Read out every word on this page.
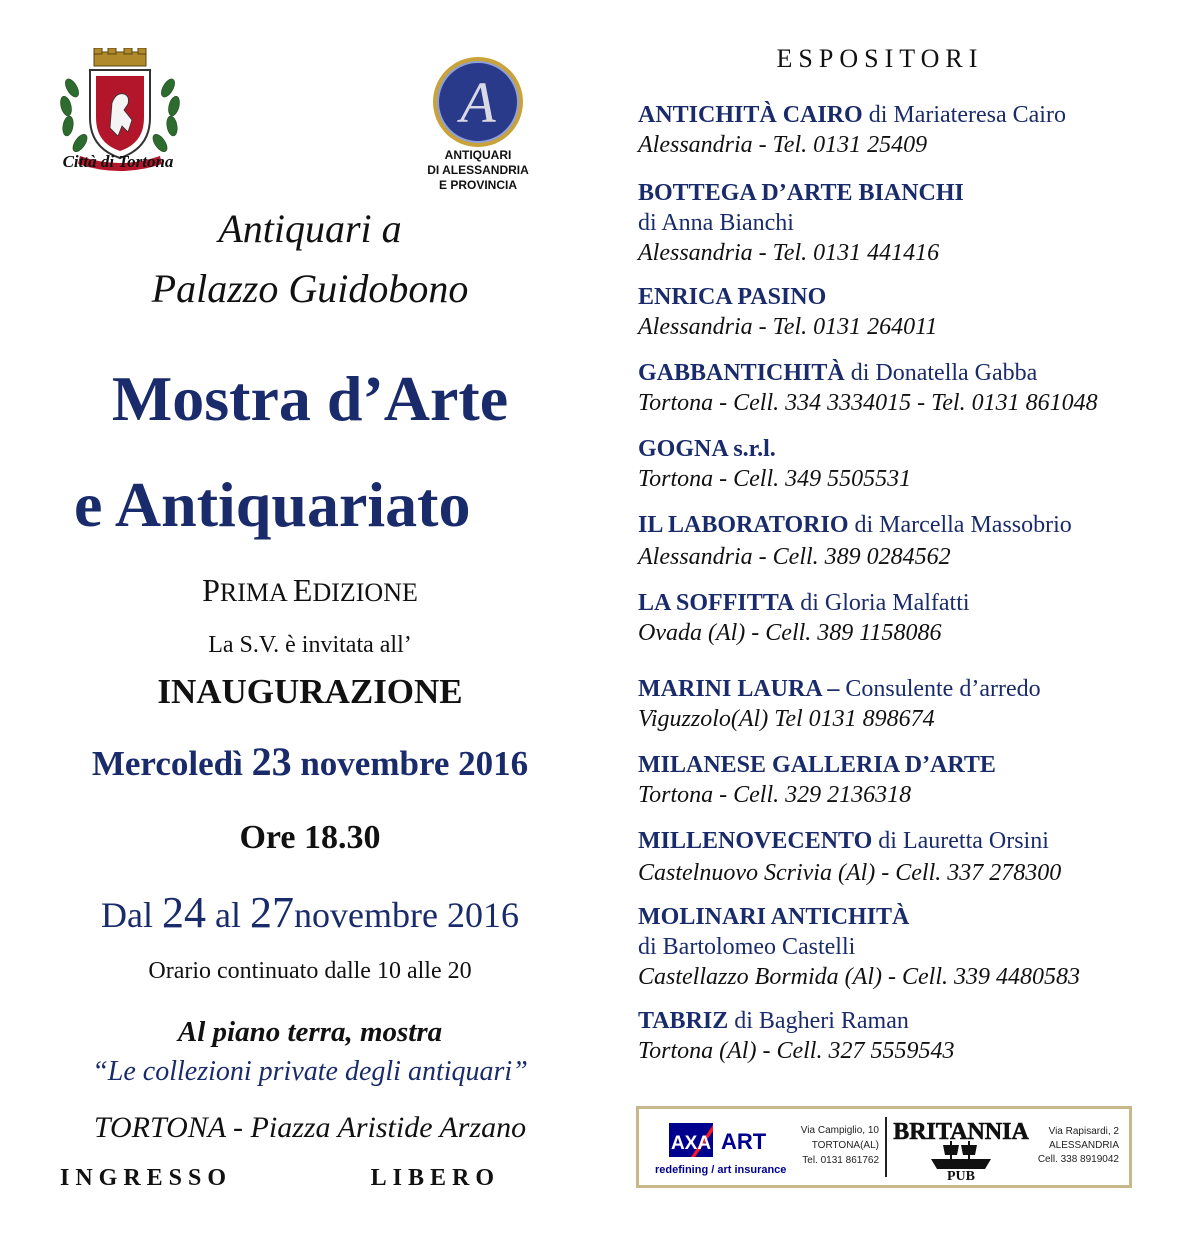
Città di Tortona
A
ANTIQUARI
DI ALESSANDRIA
E PROVINCIA
Antiquari a
Palazzo Guidobono
Mostra d’Arte
e Antiquariato
PRIMA EDIZIONE
La S.V. è invitata all’
INAUGURAZIONE
Mercoledì 23 novembre 2016
Ore 18.30
Dal 24 al 27novembre 2016
Orario continuato dalle 10 alle 20
Al piano terra, mostra
“Le collezioni private degli antiquari”
TORTONA - Piazza Aristide Arzano
INGRESSO	LIBERO
ESPOSITORI
ANTICHITÀ CAIRO di Mariateresa Cairo
Alessandria - Tel. 0131 25409
BOTTEGA D’ARTE BIANCHI
di Anna Bianchi
Alessandria - Tel. 0131 441416
ENRICA PASINO
Alessandria - Tel. 0131 264011
GABBANTICHITÀ di Donatella Gabba
Tortona - Cell. 334 3334015 - Tel. 0131 861048
GOGNA s.r.l.
Tortona - Cell. 349 5505531
IL LABORATORIO di Marcella Massobrio
Alessandria - Cell. 389 0284562
LA SOFFITTA di Gloria Malfatti
Ovada (Al) - Cell. 389 1158086
MARINI LAURA – Consulente d’arredo
Viguzzolo(Al) Tel 0131 898674
MILANESE GALLERIA D’ARTE
Tortona - Cell. 329 2136318
MILLENOVECENTO di Lauretta Orsini
Castelnuovo Scrivia (Al) - Cell. 337 278300
MOLINARI ANTICHITÀ
di Bartolomeo Castelli
Castellazzo Bormida (Al) - Cell. 339 4480583
TABRIZ di Bagheri Raman
Tortona (Al) - Cell. 327 5559543
AXA ART
redefining / art insurance
Via Campiglio, 10
TORTONA(AL)
Tel. 0131 861762
BRITANNIA
PUB
Via Rapisardi, 2
ALESSANDRIA
Cell. 338 8919042
